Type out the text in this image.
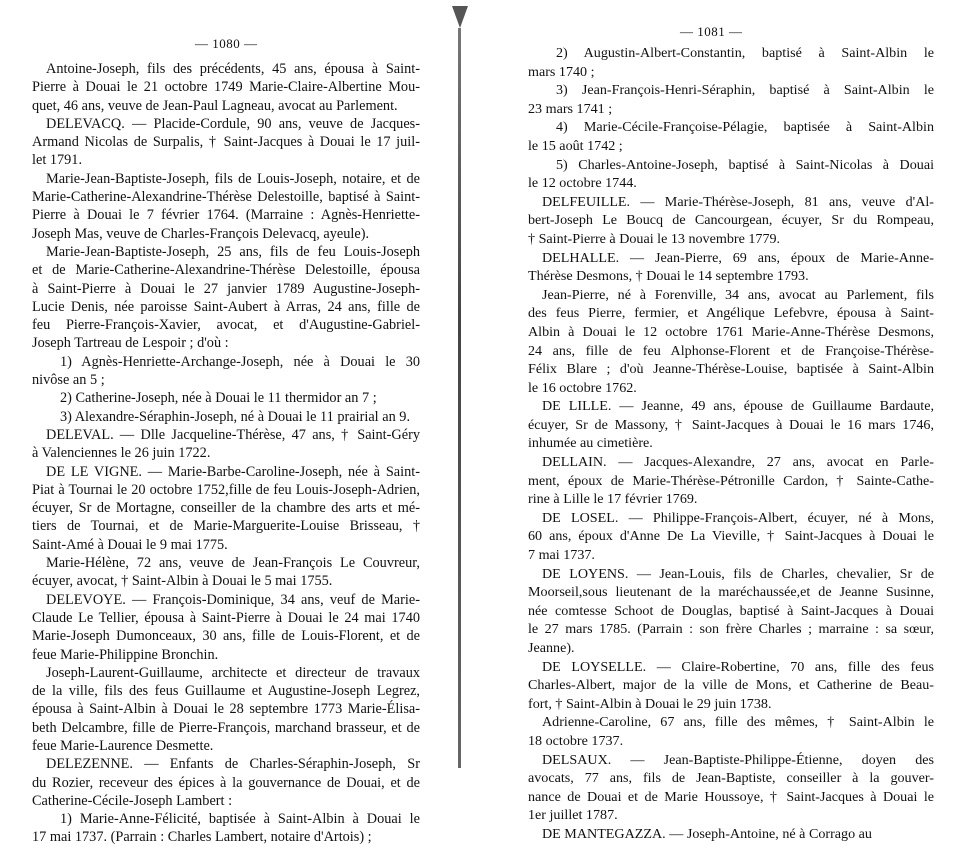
— 1080 —
Antoine-Joseph, fils des précédents, 45 ans, épousa à Saint-
Pierre à Douai le 21 octobre 1749 Marie-Claire-Albertine Mou-
quet, 46 ans, veuve de Jean-Paul Lagneau, avocat au Parlement.
DELEVACQ. — Placide-Cordule, 90 ans, veuve de Jacques-
Armand Nicolas de Surpalis, † Saint-Jacques à Douai le 17 juil-
let 1791.
Marie-Jean-Baptiste-Joseph, fils de Louis-Joseph, notaire, et de
Marie-Catherine-Alexandrine-Thérèse Delestoille, baptisé à Saint-
Pierre à Douai le 7 février 1764. (Marraine : Agnès-Henriette-
Joseph Mas, veuve de Charles-François Delevacq, ayeule).
Marie-Jean-Baptiste-Joseph, 25 ans, fils de feu Louis-Joseph
et de Marie-Catherine-Alexandrine-Thérèse Delestoille, épousa
à Saint-Pierre à Douai le 27 janvier 1789 Augustine-Joseph-
Lucie Denis, née paroisse Saint-Aubert à Arras, 24 ans, fille de
feu Pierre-François-Xavier, avocat, et d'Augustine-Gabriel-
Joseph Tartreau de Lespoir ; d'où :
1) Agnès-Henriette-Archange-Joseph, née à Douai le 30
nivôse an 5 ;
2) Catherine-Joseph, née à Douai le 11 thermidor an 7 ;
3) Alexandre-Séraphin-Joseph, né à Douai le 11 prairial an 9.
DELEVAL. — Dlle Jacqueline-Thérèse, 47 ans, † Saint-Géry
à Valenciennes le 26 juin 1722.
DE LE VIGNE. — Marie-Barbe-Caroline-Joseph, née à Saint-
Piat à Tournai le 20 octobre 1752,fille de feu Louis-Joseph-Adrien,
écuyer, Sr de Mortagne, conseiller de la chambre des arts et mé-
tiers de Tournai, et de Marie-Marguerite-Louise Brisseau, †
Saint-Amé à Douai le 9 mai 1775.
Marie-Hélène, 72 ans, veuve de Jean-François Le Couvreur,
écuyer, avocat, † Saint-Albin à Douai le 5 mai 1755.
DELEVOYE. — François-Dominique, 34 ans, veuf de Marie-
Claude Le Tellier, épousa à Saint-Pierre à Douai le 24 mai 1740
Marie-Joseph Dumonceaux, 30 ans, fille de Louis-Florent, et de
feue Marie-Philippine Bronchin.
Joseph-Laurent-Guillaume, architecte et directeur de travaux
de la ville, fils des feus Guillaume et Augustine-Joseph Legrez,
épousa à Saint-Albin à Douai le 28 septembre 1773 Marie-Élisa-
beth Delcambre, fille de Pierre-François, marchand brasseur, et de
feue Marie-Laurence Desmette.
DELEZENNE. — Enfants de Charles-Séraphin-Joseph, Sr
du Rozier, receveur des épices à la gouvernance de Douai, et de
Catherine-Cécile-Joseph Lambert :
1) Marie-Anne-Félicité, baptisée à Saint-Albin à Douai le
17 mai 1737. (Parrain : Charles Lambert, notaire d'Artois) ;
— 1081 —
2) Augustin-Albert-Constantin, baptisé à Saint-Albin le
mars 1740 ;
3) Jean-François-Henri-Séraphin, baptisé à Saint-Albin le
23 mars 1741 ;
4) Marie-Cécile-Françoise-Pélagie, baptisée à Saint-Albin
le 15 août 1742 ;
5) Charles-Antoine-Joseph, baptisé à Saint-Nicolas à Douai
le 12 octobre 1744.
DELFEUILLE. — Marie-Thérèse-Joseph, 81 ans, veuve d'Al-
bert-Joseph Le Boucq de Cancourgean, écuyer, Sr du Rompeau,
† Saint-Pierre à Douai le 13 novembre 1779.
DELHALLE. — Jean-Pierre, 69 ans, époux de Marie-Anne-
Thérèse Desmons, † Douai le 14 septembre 1793.
Jean-Pierre, né à Forenville, 34 ans, avocat au Parlement, fils
des feus Pierre, fermier, et Angélique Lefebvre, épousa à Saint-
Albin à Douai le 12 octobre 1761 Marie-Anne-Thérèse Desmons,
24 ans, fille de feu Alphonse-Florent et de Françoise-Thérèse-
Félix Blare ; d'où Jeanne-Thérèse-Louise, baptisée à Saint-Albin
le 16 octobre 1762.
DE LILLE. — Jeanne, 49 ans, épouse de Guillaume Bardaute,
écuyer, Sr de Massony, † Saint-Jacques à Douai le 16 mars 1746,
inhumée au cimetière.
DELLAIN. — Jacques-Alexandre, 27 ans, avocat en Parle-
ment, époux de Marie-Thérèse-Pétronille Cardon, † Sainte-Cathe-
rine à Lille le 17 février 1769.
DE LOSEL. — Philippe-François-Albert, écuyer, né à Mons,
60 ans, époux d'Anne De La Vieville, † Saint-Jacques à Douai le
7 mai 1737.
DE LOYENS. — Jean-Louis, fils de Charles, chevalier, Sr de
Moorseil,sous lieutenant de la maréchaussée,et de Jeanne Susinne,
née comtesse Schoot de Douglas, baptisé à Saint-Jacques à Douai
le 27 mars 1785. (Parrain : son frère Charles ; marraine : sa sœur,
Jeanne).
DE LOYSELLE. — Claire-Robertine, 70 ans, fille des feus
Charles-Albert, major de la ville de Mons, et Catherine de Beau-
fort, † Saint-Albin à Douai le 29 juin 1738.
Adrienne-Caroline, 67 ans, fille des mêmes, † Saint-Albin le
18 octobre 1737.
DELSAUX. — Jean-Baptiste-Philippe-Étienne, doyen des
avocats, 77 ans, fils de Jean-Baptiste, conseiller à la gouver-
nance de Douai et de Marie Houssoye, † Saint-Jacques à Douai le
1er juillet 1787.
DE MANTEGAZZA. — Joseph-Antoine, né à Corrago au
